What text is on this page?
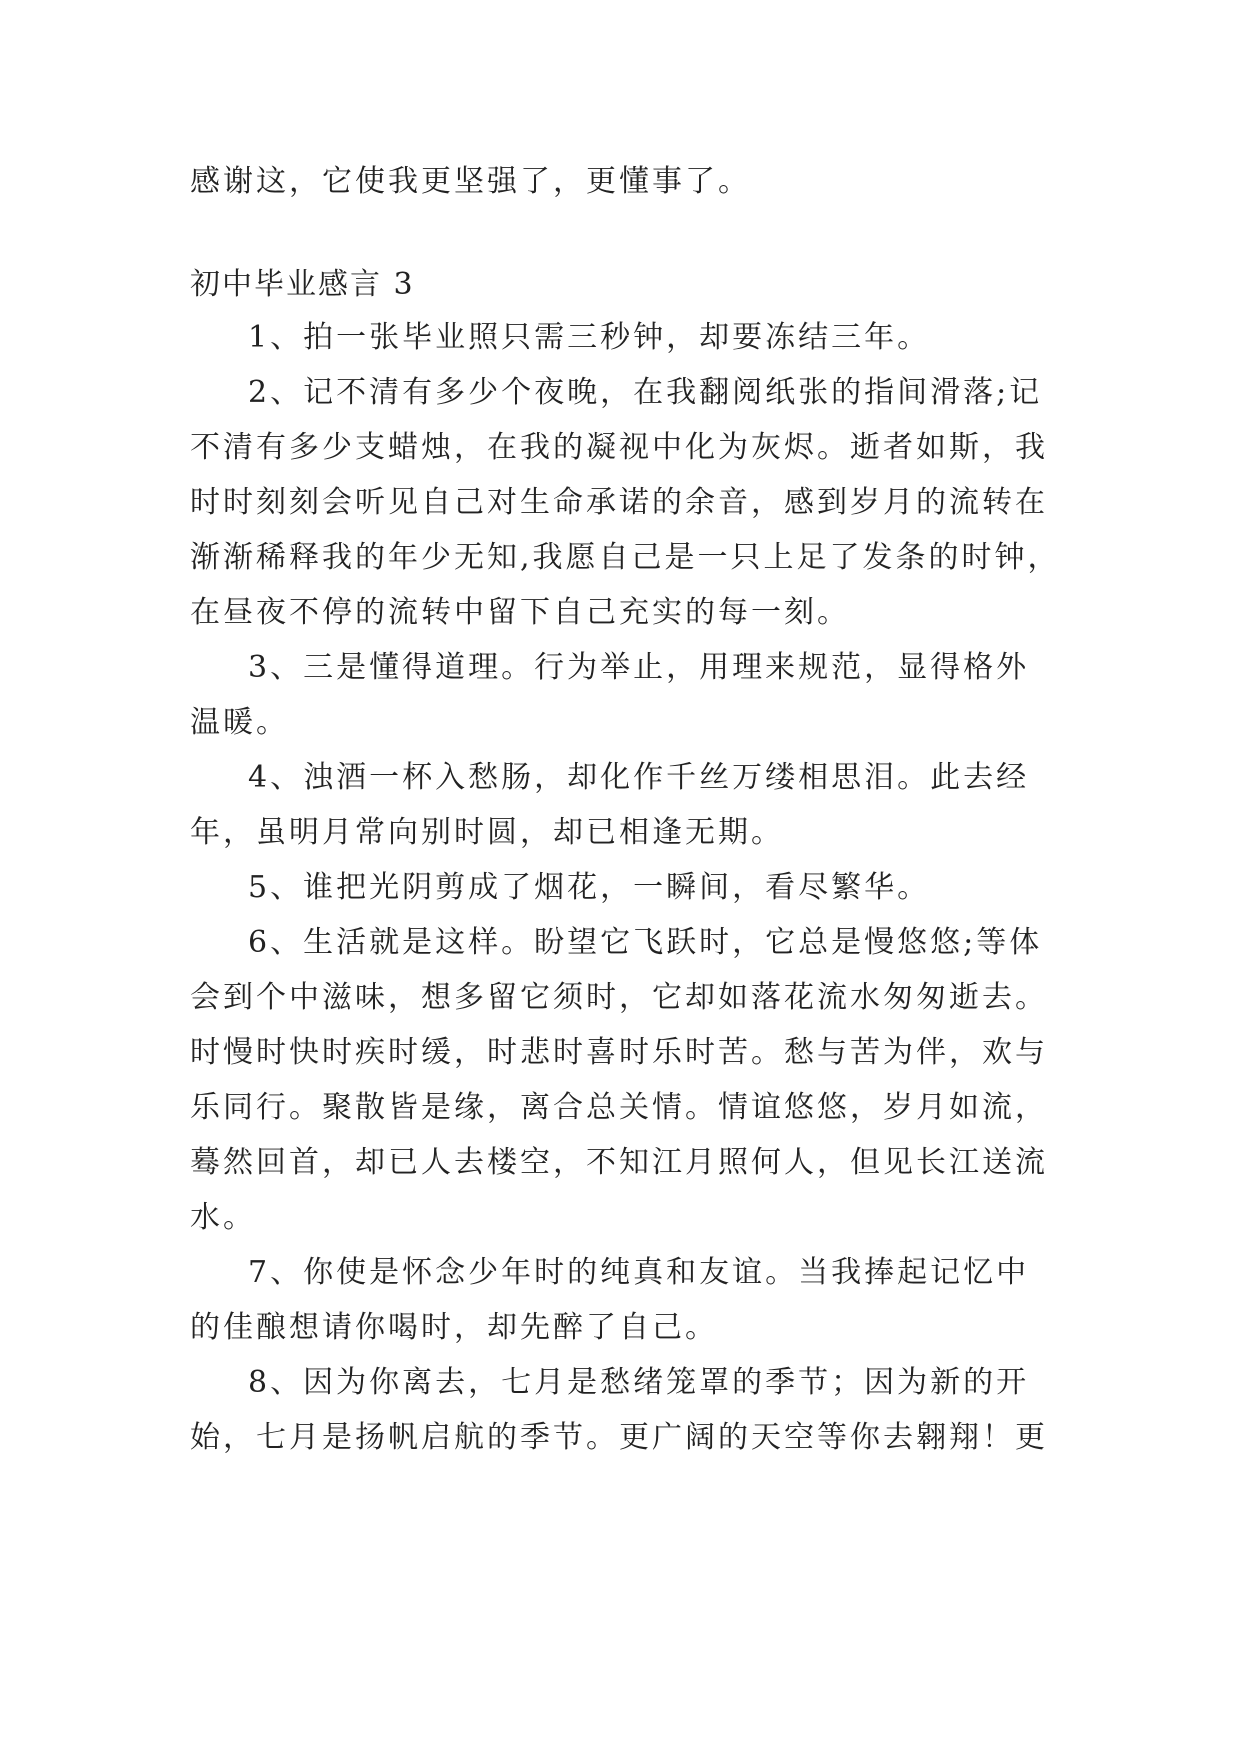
感谢这，它使我更坚强了，更懂事了。
初中毕业感言 3
1、拍一张毕业照只需三秒钟，却要冻结三年。
2、记不清有多少个夜晚，在我翻阅纸张的指间滑落;记
不清有多少支蜡烛，在我的凝视中化为灰烬。逝者如斯，我
时时刻刻会听见自己对生命承诺的余音，感到岁月的流转在
渐渐稀释我的年少无知,我愿自己是一只上足了发条的时钟，
在昼夜不停的流转中留下自己充实的每一刻。
3、三是懂得道理。行为举止，用理来规范，显得格外
温暖。
4、浊酒一杯入愁肠，却化作千丝万缕相思泪。此去经
年，虽明月常向别时圆，却已相逢无期。
5、谁把光阴剪成了烟花，一瞬间，看尽繁华。
6、生活就是这样。盼望它飞跃时，它总是慢悠悠;等体
会到个中滋味，想多留它须时，它却如落花流水匆匆逝去。
时慢时快时疾时缓，时悲时喜时乐时苦。愁与苦为伴，欢与
乐同行。聚散皆是缘，离合总关情。情谊悠悠，岁月如流，
蓦然回首，却已人去楼空，不知江月照何人，但见长江送流
水。
7、你使是怀念少年时的纯真和友谊。当我捧起记忆中
的佳酿想请你喝时，却先醉了自己。
8、因为你离去，七月是愁绪笼罩的季节；因为新的开
始，七月是扬帆启航的季节。更广阔的天空等你去翱翔！更
